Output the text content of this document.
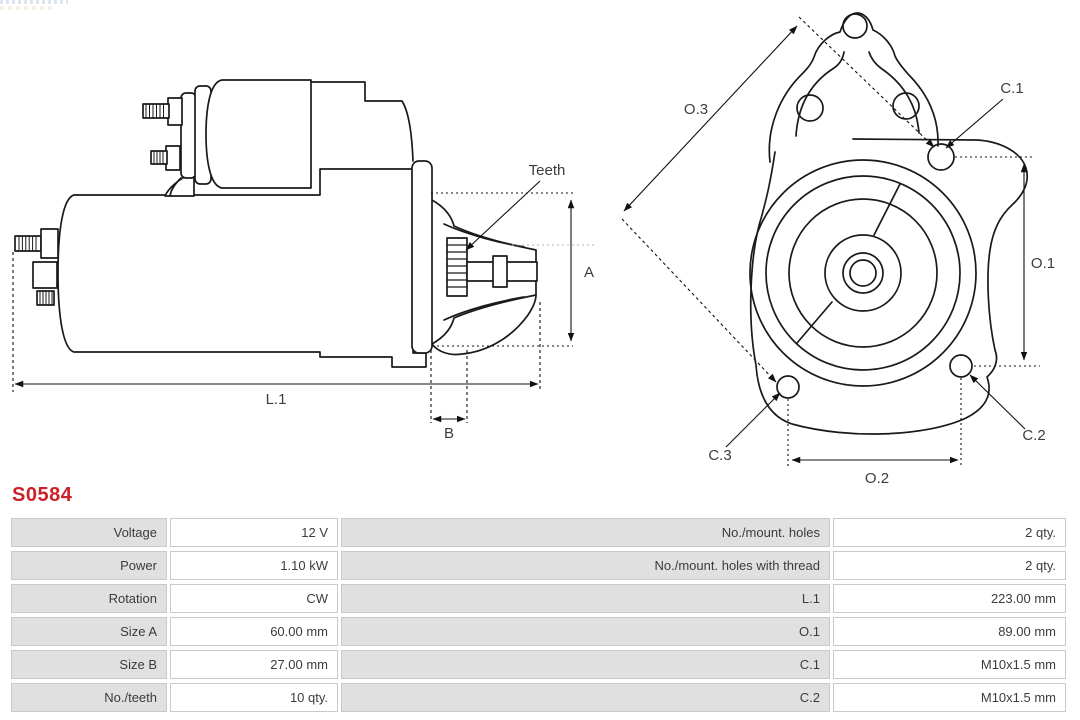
Teeth
A
L.1
B
O.3
O.1
O.2
C.1
C.2
C.3
S0584
Voltage	12 V	No./mount. holes	2 qty.
Power	1.10 kW	No./mount. holes with thread	2 qty.
Rotation	CW	L.1	223.00 mm
Size A	60.00 mm	O.1	89.00 mm
Size B	27.00 mm	C.1	M10x1.5 mm
No./teeth	10 qty.	C.2	M10x1.5 mm
